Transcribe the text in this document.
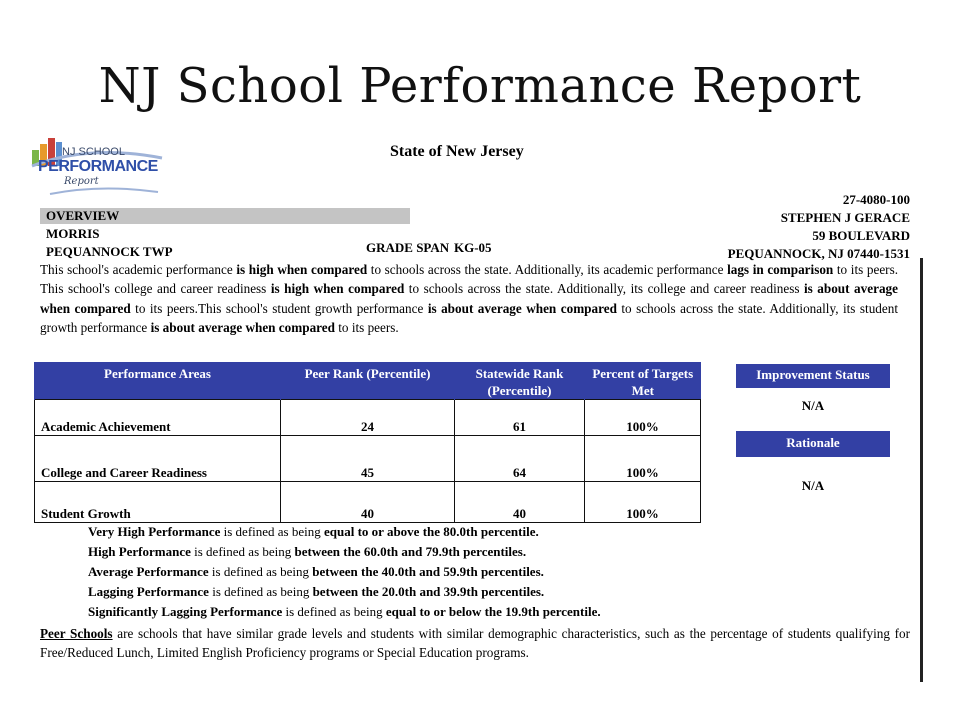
NJ School Performance Report
NJ SCHOOL
PERFORMANCE
Report
State of New Jersey
OVERVIEW
MORRIS
PEQUANNOCK TWP	GRADE SPAN KG-05
27-4080-100
STEPHEN J GERACE
59 BOULEVARD
PEQUANNOCK, NJ 07440-1531
This school's academic performance is high when compared to schools across the state. Additionally, its academic performance lags in comparison to its peers. This school's college and career readiness is high when compared to schools across the state. Additionally, its college and career readiness is about average when compared to its peers.This school's student growth performance is about average when compared to schools across the state. Additionally, its student growth performance is about average when compared to its peers.
Performance Areas	Peer Rank (Percentile)	Statewide Rank (Percentile)	Percent of Targets Met
Academic Achievement	24	61	100%
College and Career Readiness	45	64	100%
Student Growth	40	40	100%
Improvement Status
N/A
Rationale
N/A
Very High Performance is defined as being equal to or above the 80.0th percentile.
High Performance is defined as being between the 60.0th and 79.9th percentiles.
Average Performance is defined as being between the 40.0th and 59.9th percentiles.
Lagging Performance is defined as being between the 20.0th and 39.9th percentiles.
Significantly Lagging Performance is defined as being equal to or below the 19.9th percentile.
Peer Schools are schools that have similar grade levels and students with similar demographic characteristics, such as the percentage of students qualifying for Free/Reduced Lunch, Limited English Proficiency programs or Special Education programs.
